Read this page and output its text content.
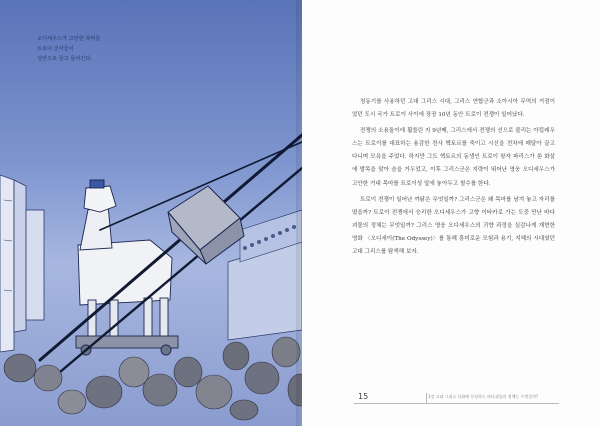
오디세우스가 고안한 목마를
트로이 군사들이
성안으로 끌고 들어간다.

청동기를 사용하던 고대 그리스 시대, 그리스 연합군과 소아시아 무역의 거점이었던 도시 국가 트로이 사이에 장장 10년 동안 트로이 전쟁이 일어났다.

전쟁의 소용돌이에 휩쓸린 지 9년째, 그리스에서 전쟁의 선으로 불리는 아킬레우스는 트로이를 대표하는 용감한 전사 헥토르를 죽이고 시신을 전차에 매달아 끌고 다니며 모욕을 주었다. 하지만 그도 헥토르의 동생인 트로이 왕자 파리스가 쏜 화살에 발목을 맞아 숨을 거두었고, 이후 그리스군은 지략이 뛰어난 영웅 오디세우스가 고안한 거대 목마를 트로이성 앞에 놓아두고 철수를 한다.

트로이 전쟁이 일어난 까닭은 무엇일까? 그리스군은 왜 목마를 남겨 놓고 자리를 떴을까? 트로이 전쟁에서 승리한 오디세우스가 고향 이타카로 가는 도중 만난 바다 괴물의 정체는 무엇일까? 그리스 영웅 오디세우스의 귀향 과정을 실감나게 재현한 영화 〈오디세이(The Odyssey)〉를 통해 흥미로운 모험과 용기, 지혜의 시대였던 고대 그리스를 탐색해 보자.

15	1장 고대 그리스 신화에 등장하는 바다괴물의 정체는 무엇일까?
